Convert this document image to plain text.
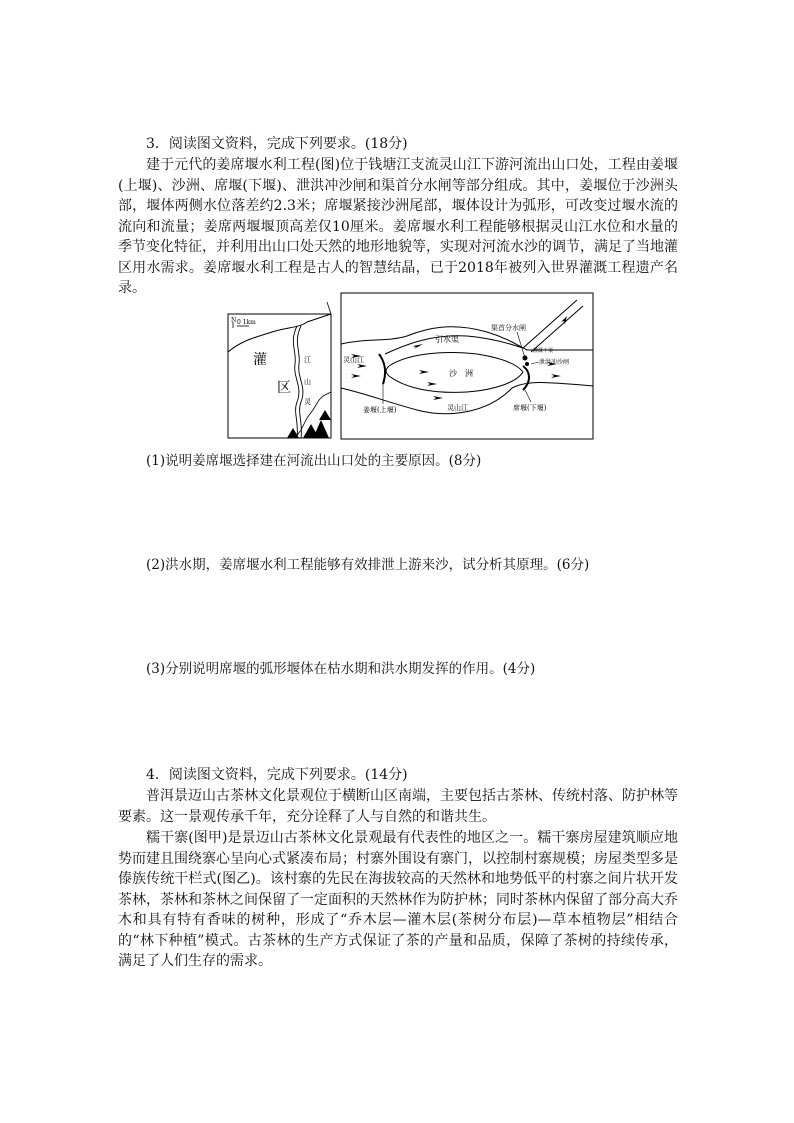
3．阅读图文资料，完成下列要求。(18分)
建于元代的姜席堰水利工程(图)位于钱塘江支流灵山江下游河流出山口处，工程由姜堰(上堰)、沙洲、席堰(下堰)、泄洪冲沙闸和渠首分水闸等部分组成。其中，姜堰位于沙洲头部，堰体两侧水位落差约2.3米；席堰紧接沙洲尾部，堰体设计为弧形，可改变过堰水流的流向和流量；姜席两堰堰顶高差仅10厘米。姜席堰水利工程能够根据灵山江水位和水量的季节变化特征，并利用出山口处天然的地形地貌等，实现对河流水沙的调节，满足了当地灌区用水需求。姜席堰水利工程是古人的智慧结晶，已于2018年被列入世界灌溉工程遗产名录。
N 0 1km
灌
区
江
山
灵
引水渠
渠首分水闸
灌溉干渠
泄洪冲沙闸
灵山江
沙　洲
灵山江
姜堰(上堰)	席堰(下堰)
(1)说明姜席堰选择建在河流出山口处的主要原因。(8分)
(2)洪水期，姜席堰水利工程能够有效排泄上游来沙，试分析其原理。(6分)
(3)分别说明席堰的弧形堰体在枯水期和洪水期发挥的作用。(4分)
4．阅读图文资料，完成下列要求。(14分)
普洱景迈山古茶林文化景观位于横断山区南端，主要包括古茶林、传统村落、防护林等要素。这一景观传承千年，充分诠释了人与自然的和谐共生。
糯干寨(图甲)是景迈山古茶林文化景观最有代表性的地区之一。糯干寨房屋建筑顺应地势而建且围绕寨心呈向心式紧凑布局；村寨外围设有寨门，以控制村寨规模；房屋类型多是傣族传统干栏式(图乙)。该村寨的先民在海拔较高的天然林和地势低平的村寨之间片状开发茶林，茶林和茶林之间保留了一定面积的天然林作为防护林；同时茶林内保留了部分高大乔木和具有特有香味的树种，形成了“乔木层—灌木层(茶树分布层)—草本植物层”相结合的“林下种植”模式。古茶林的生产方式保证了茶的产量和品质，保障了茶树的持续传承，满足了人们生存的需求。
